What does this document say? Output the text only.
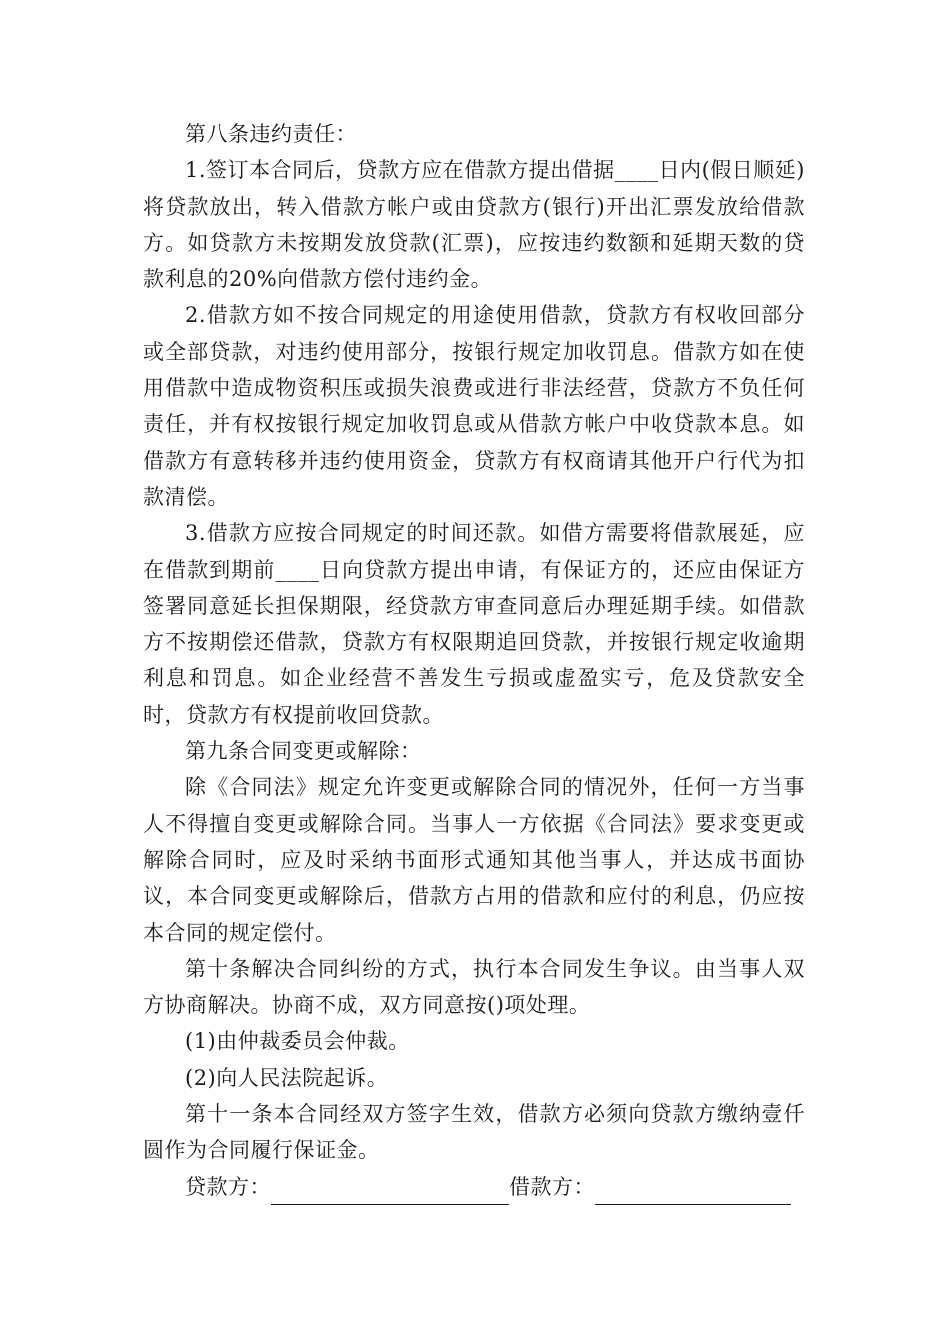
第八条违约责任：

1.签订本合同后，贷款方应在借款方提出借据____日内(假日顺延)将贷款放出，转入借款方帐户或由贷款方(银行)开出汇票发放给借款方。如贷款方未按期发放贷款(汇票)，应按违约数额和延期天数的贷款利息的20%向借款方偿付违约金。

2.借款方如不按合同规定的用途使用借款，贷款方有权收回部分或全部贷款，对违约使用部分，按银行规定加收罚息。借款方如在使用借款中造成物资积压或损失浪费或进行非法经营，贷款方不负任何责任，并有权按银行规定加收罚息或从借款方帐户中收贷款本息。如借款方有意转移并违约使用资金，贷款方有权商请其他开户行代为扣款清偿。

3.借款方应按合同规定的时间还款。如借方需要将借款展延，应在借款到期前____日向贷款方提出申请，有保证方的，还应由保证方签署同意延长担保期限，经贷款方审查同意后办理延期手续。如借款方不按期偿还借款，贷款方有权限期追回贷款，并按银行规定收逾期利息和罚息。如企业经营不善发生亏损或虚盈实亏，危及贷款安全时，贷款方有权提前收回贷款。

第九条合同变更或解除：

除《合同法》规定允许变更或解除合同的情况外，任何一方当事人不得擅自变更或解除合同。当事人一方依据《合同法》要求变更或解除合同时，应及时采纳书面形式通知其他当事人，并达成书面协议，本合同变更或解除后，借款方占用的借款和应付的利息，仍应按本合同的规定偿付。

第十条解决合同纠纷的方式，执行本合同发生争议。由当事人双方协商解决。协商不成，双方同意按()项处理。

(1)由仲裁委员会仲裁。

(2)向人民法院起诉。

第十一条本合同经双方签字生效，借款方必须向贷款方缴纳壹仟圆作为合同履行保证金。

贷款方：	借款方：
